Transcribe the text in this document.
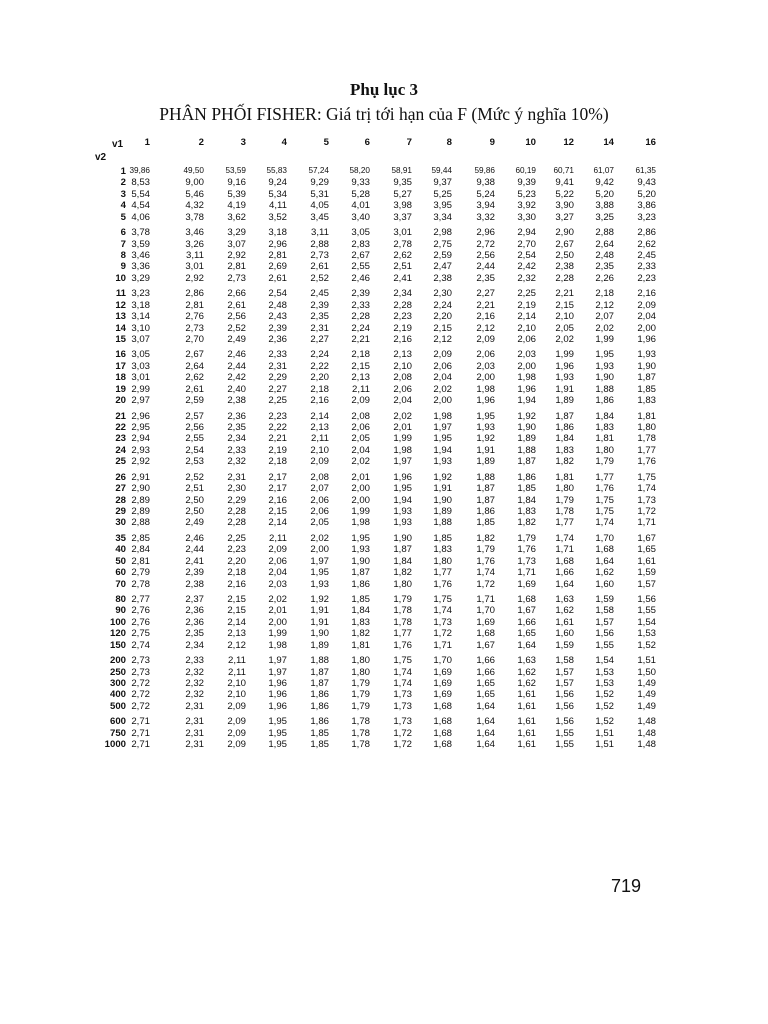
Phụ lục 3
PHÂN PHỐI FISHER: Giá trị tới hạn của F (Mức ý nghĩa 10%)
v1
v2
1	2	3	4	5	6	7	8	9	10	12	14	16
1 39,86	49,50	53,59	55,83	57,24	58,20	58,91	59,44	59,86	60,19	60,71	61,07	61,35
2 8,53	9,00	9,16	9,24	9,29	9,33	9,35	9,37	9,38	9,39	9,41	9,42	9,43
3 5,54	5,46	5,39	5,34	5,31	5,28	5,27	5,25	5,24	5,23	5,22	5,20	5,20
4 4,54	4,32	4,19	4,11	4,05	4,01	3,98	3,95	3,94	3,92	3,90	3,88	3,86
5 4,06	3,78	3,62	3,52	3,45	3,40	3,37	3,34	3,32	3,30	3,27	3,25	3,23
6 3,78	3,46	3,29	3,18	3,11	3,05	3,01	2,98	2,96	2,94	2,90	2,88	2,86
7 3,59	3,26	3,07	2,96	2,88	2,83	2,78	2,75	2,72	2,70	2,67	2,64	2,62
8 3,46	3,11	2,92	2,81	2,73	2,67	2,62	2,59	2,56	2,54	2,50	2,48	2,45
9 3,36	3,01	2,81	2,69	2,61	2,55	2,51	2,47	2,44	2,42	2,38	2,35	2,33
10 3,29	2,92	2,73	2,61	2,52	2,46	2,41	2,38	2,35	2,32	2,28	2,26	2,23
11 3,23	2,86	2,66	2,54	2,45	2,39	2,34	2,30	2,27	2,25	2,21	2,18	2,16
12 3,18	2,81	2,61	2,48	2,39	2,33	2,28	2,24	2,21	2,19	2,15	2,12	2,09
13 3,14	2,76	2,56	2,43	2,35	2,28	2,23	2,20	2,16	2,14	2,10	2,07	2,04
14 3,10	2,73	2,52	2,39	2,31	2,24	2,19	2,15	2,12	2,10	2,05	2,02	2,00
15 3,07	2,70	2,49	2,36	2,27	2,21	2,16	2,12	2,09	2,06	2,02	1,99	1,96
16 3,05	2,67	2,46	2,33	2,24	2,18	2,13	2,09	2,06	2,03	1,99	1,95	1,93
17 3,03	2,64	2,44	2,31	2,22	2,15	2,10	2,06	2,03	2,00	1,96	1,93	1,90
18 3,01	2,62	2,42	2,29	2,20	2,13	2,08	2,04	2,00	1,98	1,93	1,90	1,87
19 2,99	2,61	2,40	2,27	2,18	2,11	2,06	2,02	1,98	1,96	1,91	1,88	1,85
20 2,97	2,59	2,38	2,25	2,16	2,09	2,04	2,00	1,96	1,94	1,89	1,86	1,83
21 2,96	2,57	2,36	2,23	2,14	2,08	2,02	1,98	1,95	1,92	1,87	1,84	1,81
22 2,95	2,56	2,35	2,22	2,13	2,06	2,01	1,97	1,93	1,90	1,86	1,83	1,80
23 2,94	2,55	2,34	2,21	2,11	2,05	1,99	1,95	1,92	1,89	1,84	1,81	1,78
24 2,93	2,54	2,33	2,19	2,10	2,04	1,98	1,94	1,91	1,88	1,83	1,80	1,77
25 2,92	2,53	2,32	2,18	2,09	2,02	1,97	1,93	1,89	1,87	1,82	1,79	1,76
26 2,91	2,52	2,31	2,17	2,08	2,01	1,96	1,92	1,88	1,86	1,81	1,77	1,75
27 2,90	2,51	2,30	2,17	2,07	2,00	1,95	1,91	1,87	1,85	1,80	1,76	1,74
28 2,89	2,50	2,29	2,16	2,06	2,00	1,94	1,90	1,87	1,84	1,79	1,75	1,73
29 2,89	2,50	2,28	2,15	2,06	1,99	1,93	1,89	1,86	1,83	1,78	1,75	1,72
30 2,88	2,49	2,28	2,14	2,05	1,98	1,93	1,88	1,85	1,82	1,77	1,74	1,71
35 2,85	2,46	2,25	2,11	2,02	1,95	1,90	1,85	1,82	1,79	1,74	1,70	1,67
40 2,84	2,44	2,23	2,09	2,00	1,93	1,87	1,83	1,79	1,76	1,71	1,68	1,65
50 2,81	2,41	2,20	2,06	1,97	1,90	1,84	1,80	1,76	1,73	1,68	1,64	1,61
60 2,79	2,39	2,18	2,04	1,95	1,87	1,82	1,77	1,74	1,71	1,66	1,62	1,59
70 2,78	2,38	2,16	2,03	1,93	1,86	1,80	1,76	1,72	1,69	1,64	1,60	1,57
80 2,77	2,37	2,15	2,02	1,92	1,85	1,79	1,75	1,71	1,68	1,63	1,59	1,56
90 2,76	2,36	2,15	2,01	1,91	1,84	1,78	1,74	1,70	1,67	1,62	1,58	1,55
100 2,76	2,36	2,14	2,00	1,91	1,83	1,78	1,73	1,69	1,66	1,61	1,57	1,54
120 2,75	2,35	2,13	1,99	1,90	1,82	1,77	1,72	1,68	1,65	1,60	1,56	1,53
150 2,74	2,34	2,12	1,98	1,89	1,81	1,76	1,71	1,67	1,64	1,59	1,55	1,52
200 2,73	2,33	2,11	1,97	1,88	1,80	1,75	1,70	1,66	1,63	1,58	1,54	1,51
250 2,73	2,32	2,11	1,97	1,87	1,80	1,74	1,69	1,66	1,62	1,57	1,53	1,50
300 2,72	2,32	2,10	1,96	1,87	1,79	1,74	1,69	1,65	1,62	1,57	1,53	1,49
400 2,72	2,32	2,10	1,96	1,86	1,79	1,73	1,69	1,65	1,61	1,56	1,52	1,49
500 2,72	2,31	2,09	1,96	1,86	1,79	1,73	1,68	1,64	1,61	1,56	1,52	1,49
600 2,71	2,31	2,09	1,95	1,86	1,78	1,73	1,68	1,64	1,61	1,56	1,52	1,48
750 2,71	2,31	2,09	1,95	1,85	1,78	1,72	1,68	1,64	1,61	1,55	1,51	1,48
1000 2,71	2,31	2,09	1,95	1,85	1,78	1,72	1,68	1,64	1,61	1,55	1,51	1,48
719
